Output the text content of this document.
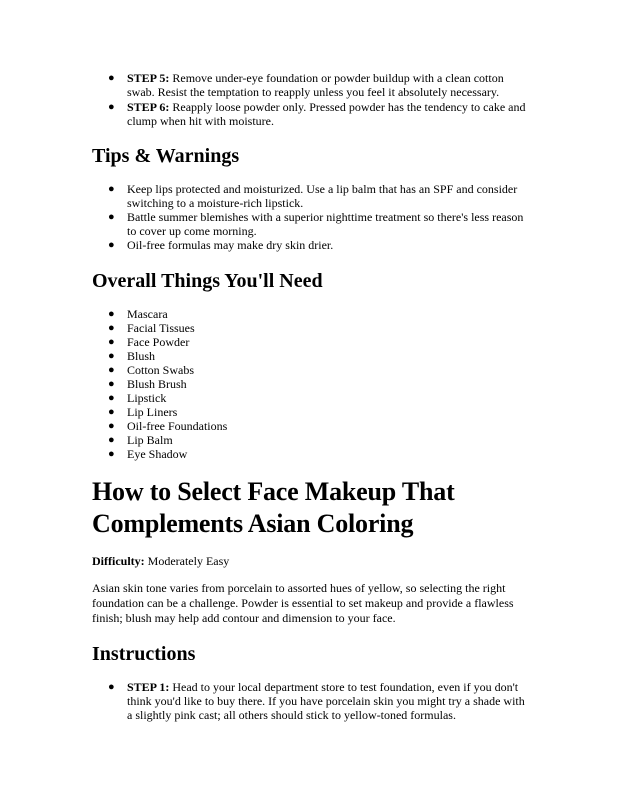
● STEP 5: Remove under-eye foundation or powder buildup with a clean cotton swab. Resist the temptation to reapply unless you feel it absolutely necessary.
● STEP 6: Reapply loose powder only. Pressed powder has the tendency to cake and clump when hit with moisture.
Tips & Warnings
● Keep lips protected and moisturized. Use a lip balm that has an SPF and consider switching to a moisture-rich lipstick.
● Battle summer blemishes with a superior nighttime treatment so there's less reason to cover up come morning.
● Oil-free formulas may make dry skin drier.
Overall Things You'll Need
● Mascara
● Facial Tissues
● Face Powder
● Blush
● Cotton Swabs
● Blush Brush
● Lipstick
● Lip Liners
● Oil-free Foundations
● Lip Balm
● Eye Shadow
How to Select Face Makeup That
Complements Asian Coloring

Difficulty: Moderately Easy

Asian skin tone varies from porcelain to assorted hues of yellow, so selecting the right foundation can be a challenge. Powder is essential to set makeup and provide a flawless finish; blush may help add contour and dimension to your face.

Instructions
● STEP 1: Head to your local department store to test foundation, even if you don't think you'd like to buy there. If you have porcelain skin you might try a shade with a slightly pink cast; all others should stick to yellow-toned formulas.
